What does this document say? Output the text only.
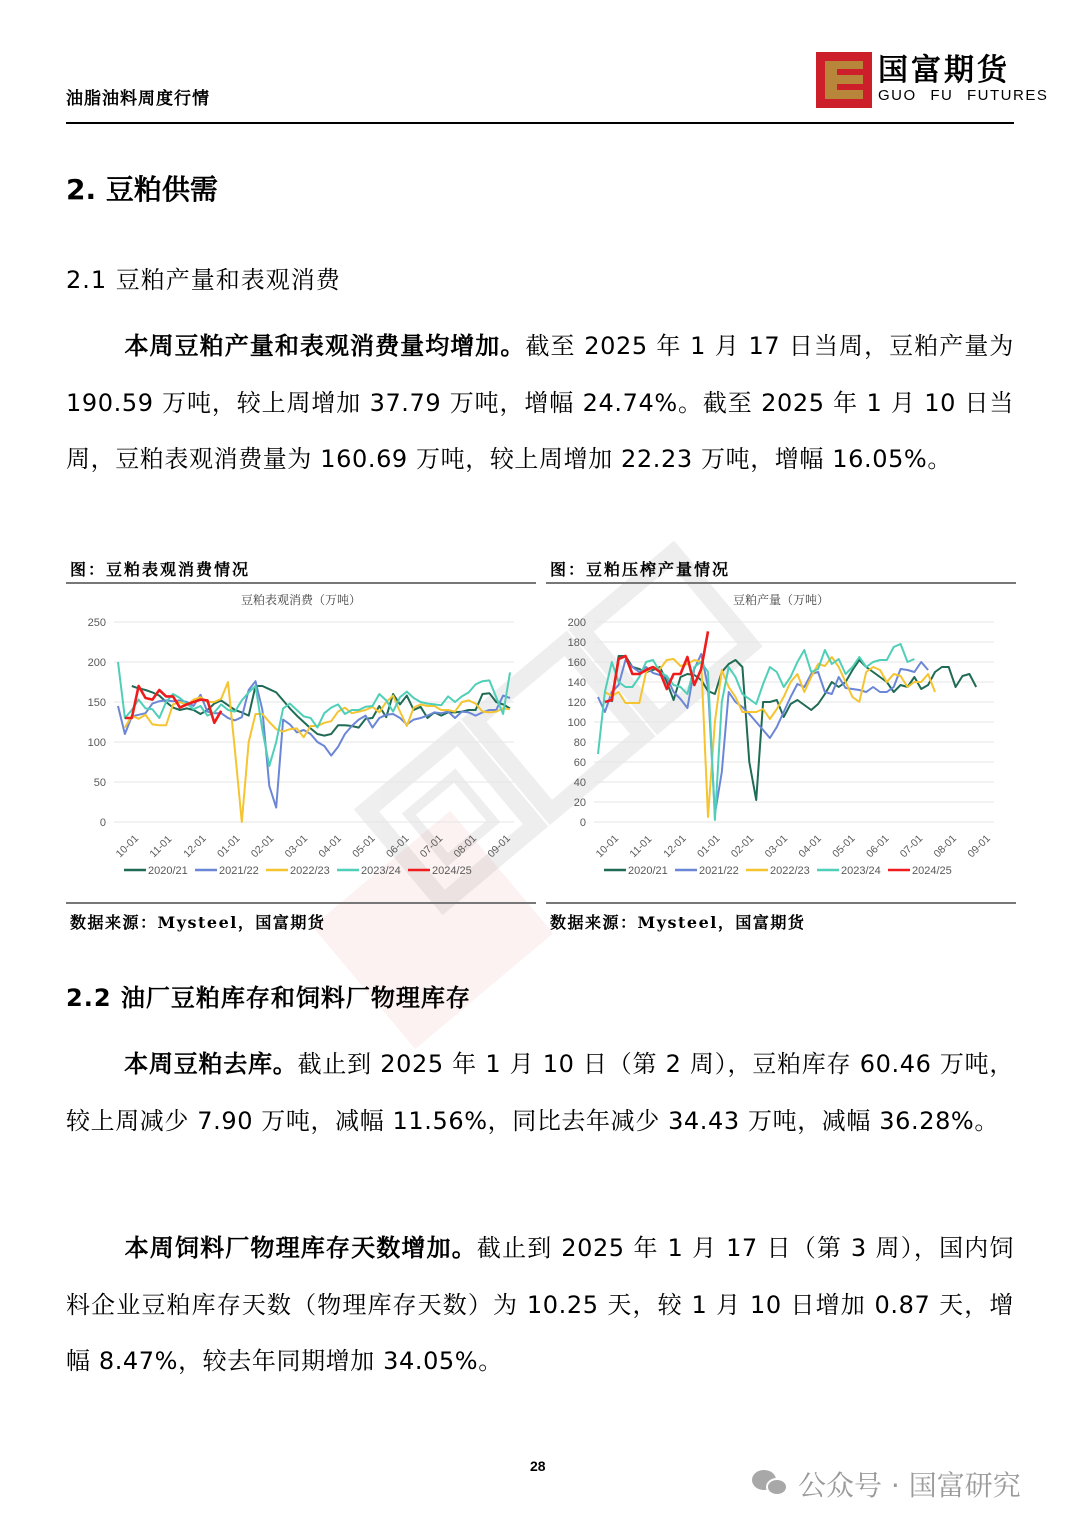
油脂油料周度行情
国富期货
GUO FU FUTURES
2. 豆粕供需
2.1 豆粕产量和表观消费
本周豆粕产量和表观消费量均增加。截至 2025 年 1 月 17 日当周，豆粕产量为 190.59 万吨，较上周增加 37.79 万吨，增幅 24.74%。截至 2025 年 1 月 10 日当周，豆粕表观消费量为 160.69 万吨，较上周增加 22.23 万吨，增幅 16.05%。
图：豆粕表观消费情况
豆粕表观消费（万吨）
0
50
100
150
200
250
10-01 11-01 12-01 01-01 02-01 03-01 04-01 05-01 06-01 07-01 08-01 09-01
2020/21	2021/22	2022/23	2023/24	2024/25
数据来源：Mysteel，国富期货
图：豆粕压榨产量情况
豆粕产量（万吨）
0
20
40
60
80
100
120
140
160
180
200
10-01 11-01 12-01 01-01 02-01 03-01 04-01 05-01 06-01 07-01 08-01 09-01
2020/21	2021/22	2022/23	2023/24	2024/25
数据来源：Mysteel，国富期货
2.2 油厂豆粕库存和饲料厂物理库存
本周豆粕去库。截止到 2025 年 1 月 10 日（第 2 周），豆粕库存 60.46 万吨，较上周减少 7.90 万吨，减幅 11.56%，同比去年减少 34.43 万吨，减幅 36.28%。
本周饲料厂物理库存天数增加。截止到 2025 年 1 月 17 日（第 3 周），国内饲料企业豆粕库存天数（物理库存天数）为 10.25 天，较 1 月 10 日增加 0.87 天，增幅 8.47%，较去年同期增加 34.05%。
28
公众号 · 国富研究
